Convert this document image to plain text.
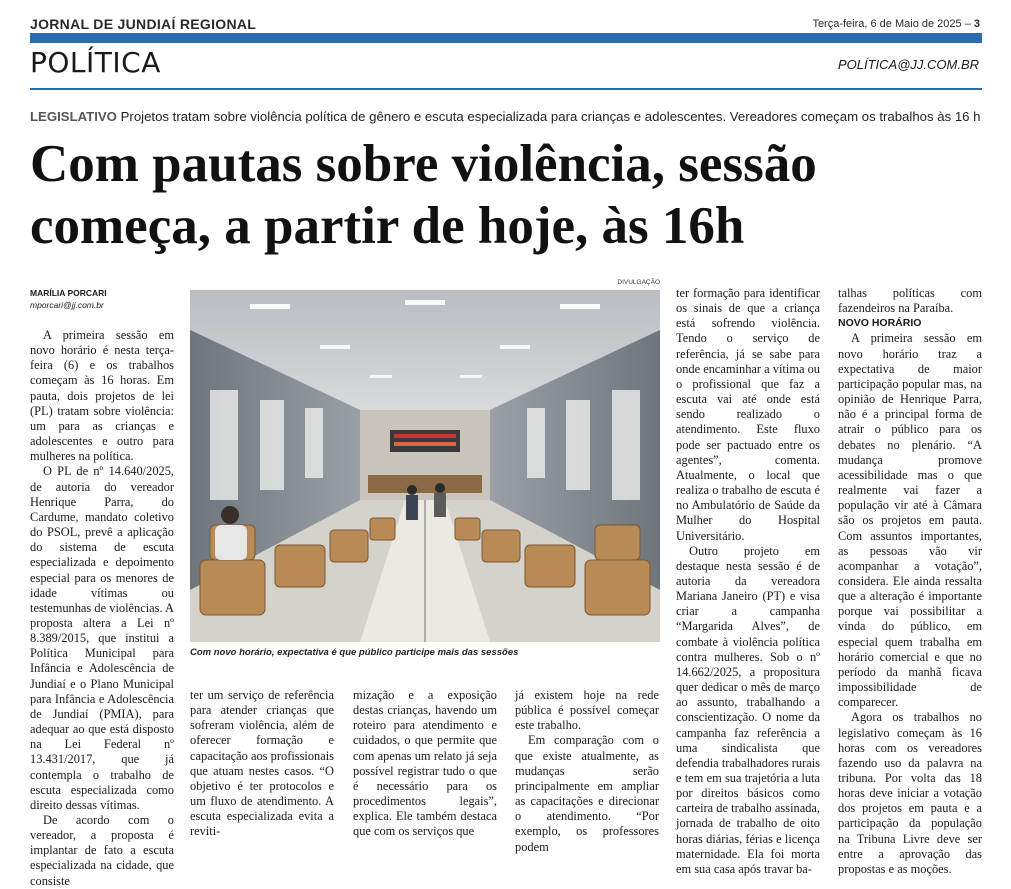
JORNAL DE JUNDIAÍ REGIONAL	Terça-feira, 6 de Maio de 2025 – 3
POLÍTICA	POLÍTICA@JJ.COM.BR
LEGISLATIVO Projetos tratam sobre violência política de gênero e escuta especializada para crianças e adolescentes. Vereadores começam os trabalhos às 16 h
Com pautas sobre violência, sessão começa, a partir de hoje, às 16h
MARÍLIA PORCARI
mporcari@jj.com.br
DIVULGAÇÃO
Com novo horário, expectativa é que público participe mais das sessões

A primeira sessão em novo horário é nesta terça-feira (6) e os trabalhos começam às 16 horas. Em pauta, dois projetos de lei (PL) tratam sobre violência: um para as crianças e adolescentes e outro para mulheres na política.

O PL de nº 14.640/2025, de autoria do vereador Henrique Parra, do Cardume, mandato coletivo do PSOL, prevê a aplicação do sistema de escuta especializada e depoimento especial para os menores de idade vítimas ou testemunhas de violências. A proposta altera a Lei nº 8.389/2015, que institui a Política Municipal para Infância e Adolescência de Jundiaí e o Plano Municipal para Infância e Adolescência de Jundiaí (PMIA), para adequar ao que está disposto na Lei Federal nº 13.431/2017, que já contempla o trabalho de escuta especializada como direito dessas vítimas.

De acordo com o vereador, a proposta é implantar de fato a escuta especializada na cidade, que consiste

ter um serviço de referência para atender crianças que sofreram violência, além de oferecer formação e capacitação aos profissionais que atuam nestes casos. “O objetivo é ter protocolos e um fluxo de atendimento. A escuta especializada evita a reviti-

mização e a exposição destas crianças, havendo um roteiro para atendimento e cuidados, o que permite que com apenas um relato já seja possível registrar tudo o que é necessário para os procedimentos legais”, explica. Ele também destaca que com os serviços que

já existem hoje na rede pública é possível começar este trabalho.

Em comparação com o que existe atualmente, as mudanças serão principalmente em ampliar as capacitações e direcionar o atendimento. “Por exemplo, os professores podem

ter formação para identificar os sinais de que a criança está sofrendo violência. Tendo o serviço de referência, já se sabe para onde encaminhar a vítima ou o profissional que faz a escuta vai até onde está sendo realizado o atendimento. Este fluxo pode ser pactuado entre os agentes”, comenta. Atualmente, o local que realiza o trabalho de escuta é no Ambulatório de Saúde da Mulher do Hospital Universitário.

Outro projeto em destaque nesta sessão é de autoria da vereadora Mariana Janeiro (PT) e visa criar a campanha “Margarida Alves”, de combate à violência política contra mulheres. Sob o nº 14.662/2025, a propositura quer dedicar o mês de março ao assunto, trabalhando a conscientização. O nome da campanha faz referência a uma sindicalista que defendia trabalhadores rurais e tem em sua trajetória a luta por direitos básicos como carteira de trabalho assinada, jornada de trabalho de oito horas diárias, férias e licença maternidade. Ela foi morta em sua casa após travar ba-

talhas políticas com fazendeiros na Paraíba.

NOVO HORÁRIO

A primeira sessão em novo horário traz a expectativa de maior participação popular mas, na opinião de Henrique Parra, não é a principal forma de atrair o público para os debates no plenário. “A mudança promove acessibilidade mas o que realmente vai fazer a população vir até à Câmara são os projetos em pauta. Com assuntos importantes, as pessoas vão vir acompanhar a votação”, considera. Ele ainda ressalta que a alteração é importante porque vai possibilitar a vinda do público, em especial quem trabalha em horário comercial e que no período da manhã ficava impossibilidade de comparecer.

Agora os trabalhos no legislativo começam às 16 horas com os vereadores fazendo uso da palavra na tribuna. Por volta das 18 horas deve iniciar a votação dos projetos em pauta e a participação da população na Tribuna Livre deve ser entre a aprovação das propostas e as moções.
